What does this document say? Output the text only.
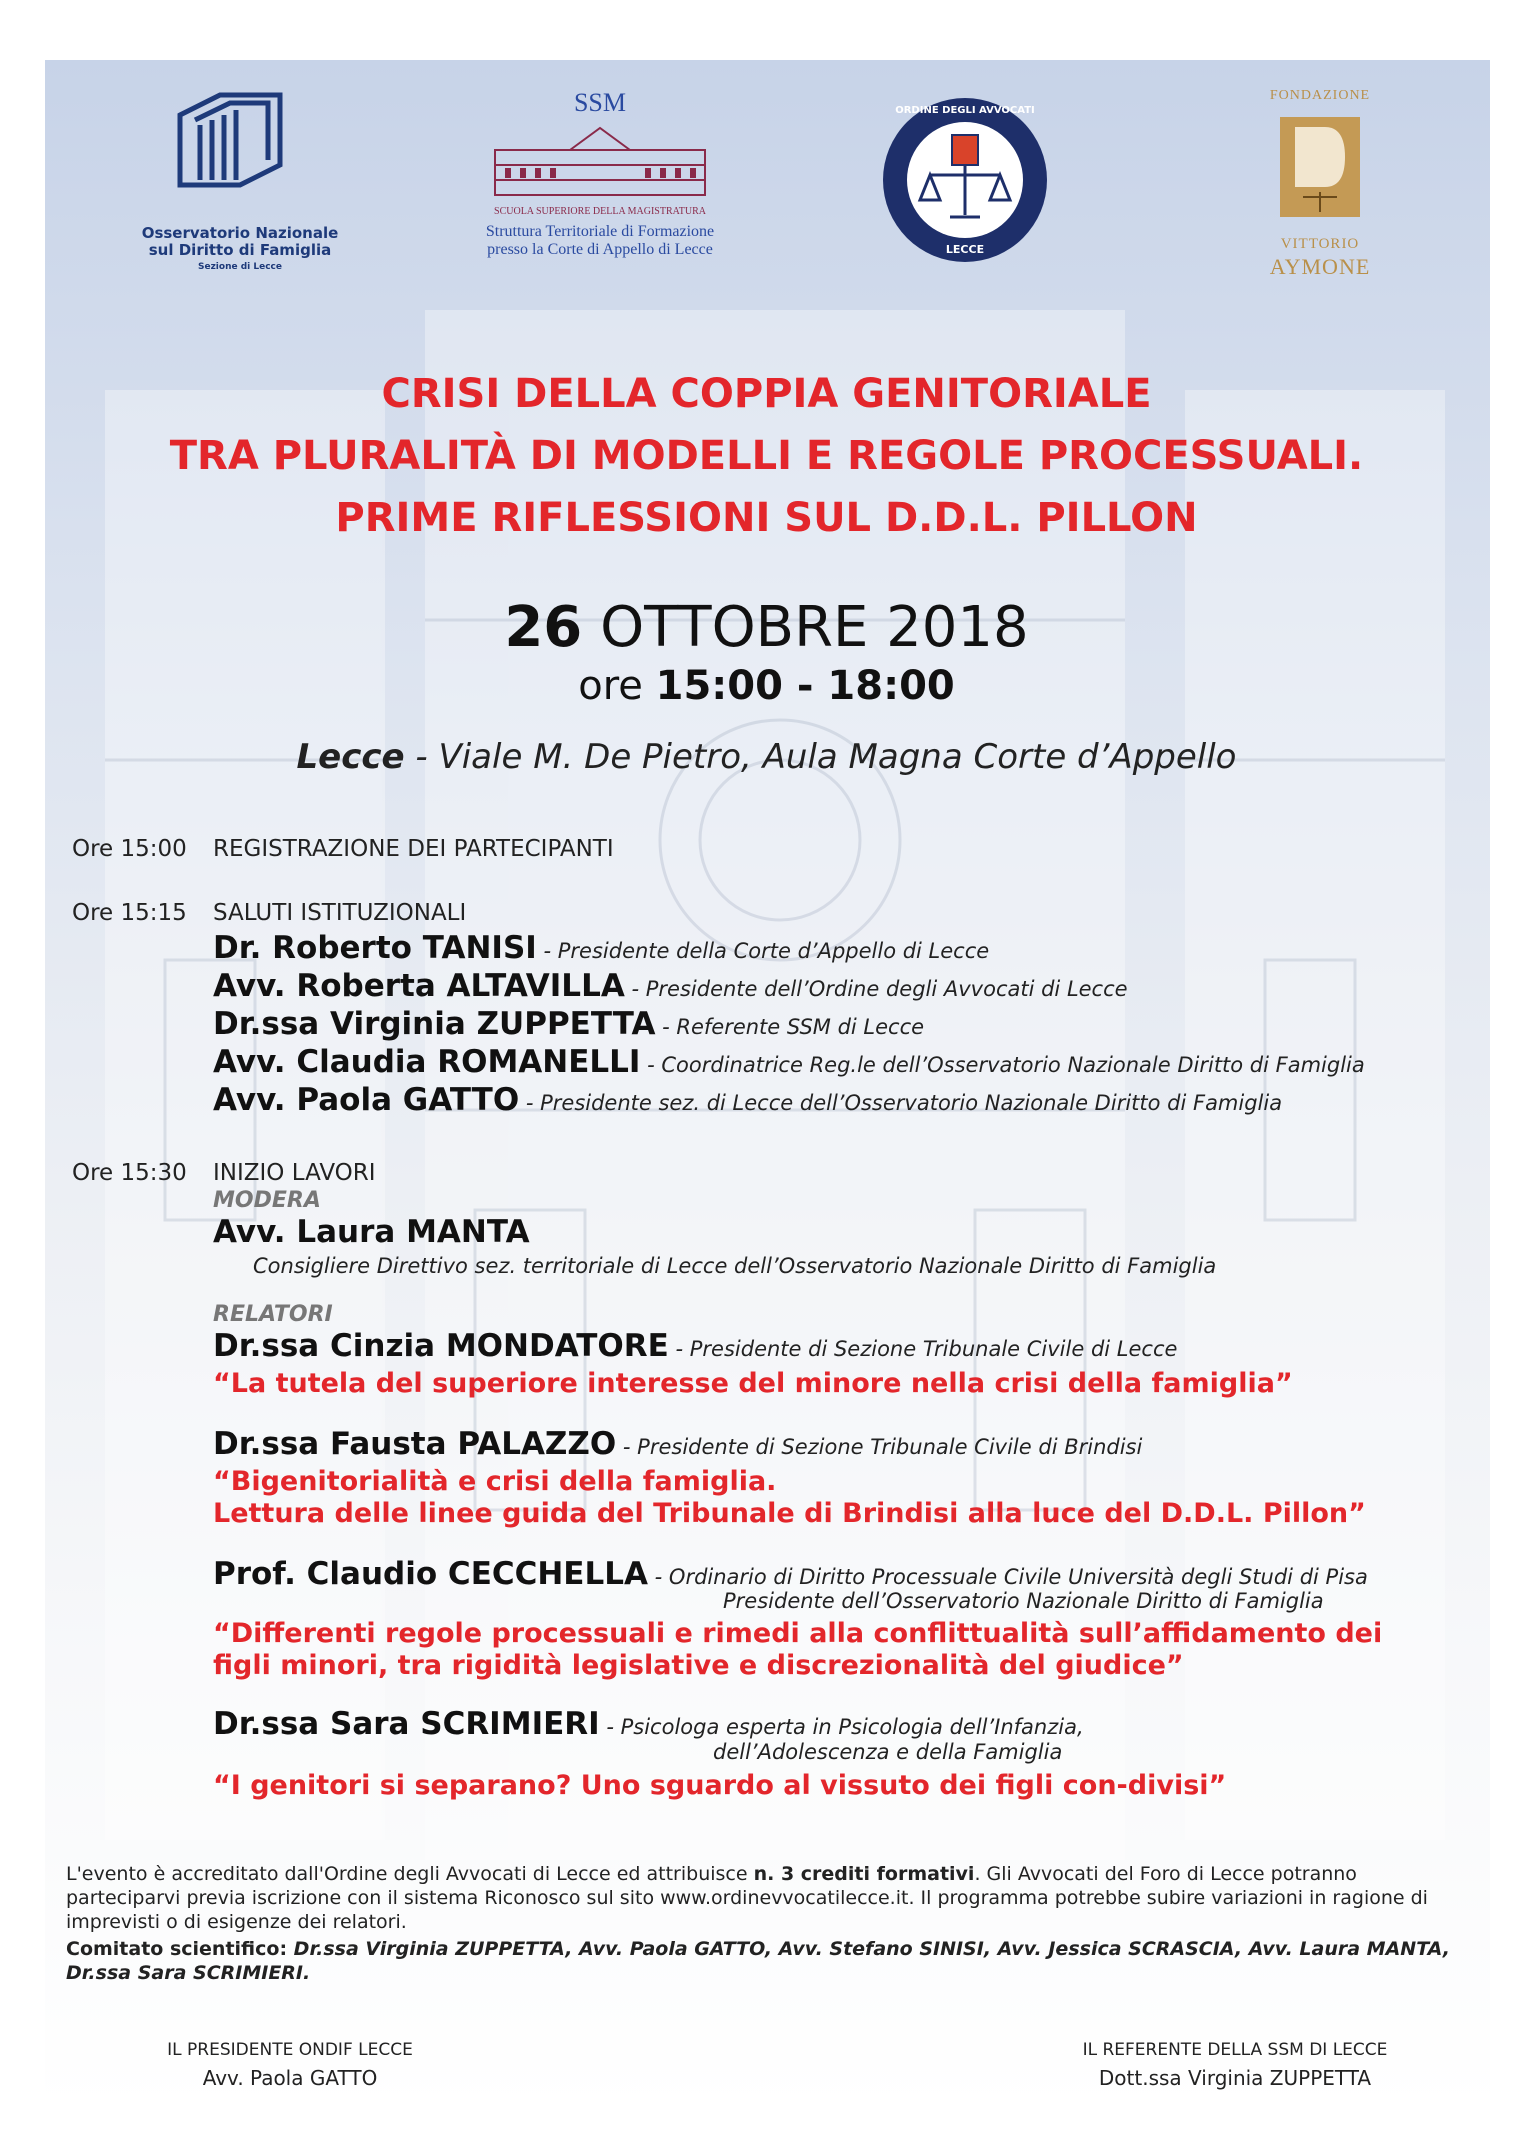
Osservatorio Nazionale
sul Diritto di Famiglia
Sezione di Lecce
SSM
SCUOLA SUPERIORE DELLA MAGISTRATURA
Struttura Territoriale di Formazione
presso la Corte di Appello di Lecce
ORDINE DEGLI AVVOCATI
LECCE
FONDAZIONE
VITTORIO
AYMONE
CRISI DELLA COPPIA GENITORIALE
TRA PLURALITÀ DI MODELLI E REGOLE PROCESSUALI.
PRIME RIFLESSIONI SUL D.D.L. PILLON
26 OTTOBRE 2018
ore 15:00 - 18:00
Lecce - Viale M. De Pietro, Aula Magna Corte d’Appello
Ore 15:00 REGISTRAZIONE DEI PARTECIPANTI
Ore 15:15 SALUTI ISTITUZIONALI
Dr. Roberto TANISI - Presidente della Corte d’Appello di Lecce
Avv. Roberta ALTAVILLA - Presidente dell’Ordine degli Avvocati di Lecce
Dr.ssa Virginia ZUPPETTA - Referente SSM di Lecce
Avv. Claudia ROMANELLI - Coordinatrice Reg.le dell’Osservatorio Nazionale Diritto di Famiglia
Avv. Paola GATTO - Presidente sez. di Lecce dell’Osservatorio Nazionale Diritto di Famiglia
Ore 15:30 INIZIO LAVORI
MODERA
Avv. Laura MANTA
Consigliere Direttivo sez. territoriale di Lecce dell’Osservatorio Nazionale Diritto di Famiglia
RELATORI
Dr.ssa Cinzia MONDATORE - Presidente di Sezione Tribunale Civile di Lecce
“La tutela del superiore interesse del minore nella crisi della famiglia”
Dr.ssa Fausta PALAZZO - Presidente di Sezione Tribunale Civile di Brindisi
“Bigenitorialità e crisi della famiglia.
Lettura delle linee guida del Tribunale di Brindisi alla luce del D.D.L. Pillon”
Prof. Claudio CECCHELLA - Ordinario di Diritto Processuale Civile Università degli Studi di Pisa
Presidente dell’Osservatorio Nazionale Diritto di Famiglia
“Differenti regole processuali e rimedi alla conflittualità sull’affidamento dei
figli minori, tra rigidità legislative e discrezionalità del giudice”
Dr.ssa Sara SCRIMIERI - Psicologa esperta in Psicologia dell’Infanzia,
dell’Adolescenza e della Famiglia
“I genitori si separano? Uno sguardo al vissuto dei figli con-divisi”
L'evento è accreditato dall'Ordine degli Avvocati di Lecce ed attribuisce n. 3 crediti formativi. Gli Avvocati del Foro di Lecce potranno parteciparvi previa iscrizione con il sistema Riconosco sul sito www.ordinevvocatilecce.it. Il programma potrebbe subire variazioni in ragione di imprevisti o di esigenze dei relatori.
Comitato scientifico: Dr.ssa Virginia ZUPPETTA, Avv. Paola GATTO, Avv. Stefano SINISI, Avv. Jessica SCRASCIA, Avv. Laura MANTA, Dr.ssa Sara SCRIMIERI.
IL PRESIDENTE ONDIF LECCE
Avv. Paola GATTO
IL REFERENTE DELLA SSM DI LECCE
Dott.ssa Virginia ZUPPETTA
